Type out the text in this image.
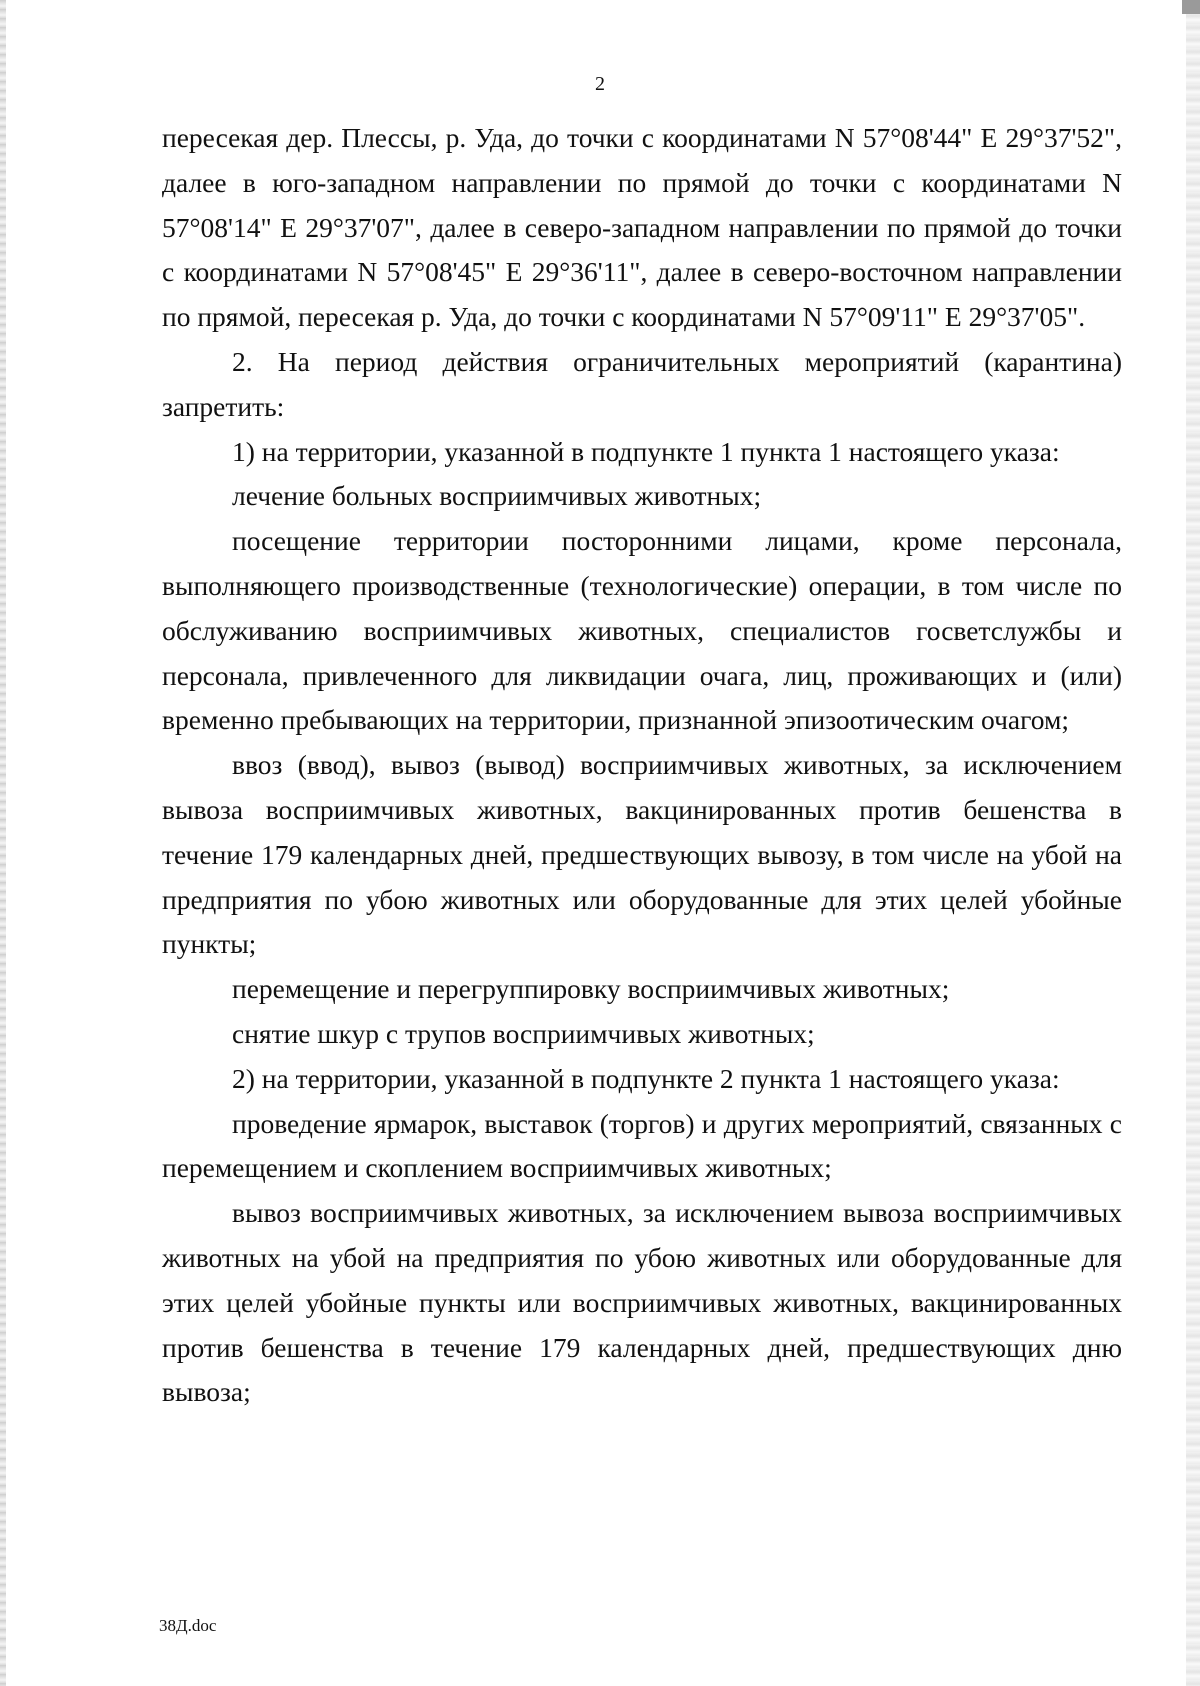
2

пересекая дер. Плессы, р. Уда, до точки с координатами N 57°08'44" E 29°37'52", далее в юго-западном направлении по прямой до точки с координатами N 57°08'14" E 29°37'07", далее в северо-западном направлении по прямой до точки с координатами N 57°08'45" E 29°36'11", далее в северо-восточном направлении по прямой, пересекая р. Уда, до точки с координатами N 57°09'11" E 29°37'05".

2. На период действия ограничительных мероприятий (карантина) запретить:

1) на территории, указанной в подпункте 1 пункта 1 настоящего указа:

лечение больных восприимчивых животных;

посещение территории посторонними лицами, кроме персонала, выполняющего производственные (технологические) операции, в том числе по обслуживанию восприимчивых животных, специалистов госветслужбы и персонала, привлеченного для ликвидации очага, лиц, проживающих и (или) временно пребывающих на территории, признанной эпизоотическим очагом;

ввоз (ввод), вывоз (вывод) восприимчивых животных, за исключением вывоза восприимчивых животных, вакцинированных против бешенства в течение 179 календарных дней, предшествующих вывозу, в том числе на убой на предприятия по убою животных или оборудованные для этих целей убойные пункты;

перемещение и перегруппировку восприимчивых животных;

снятие шкур с трупов восприимчивых животных;

2) на территории, указанной в подпункте 2 пункта 1 настоящего указа:

проведение ярмарок, выставок (торгов) и других мероприятий, связанных с перемещением и скоплением восприимчивых животных;

вывоз восприимчивых животных, за исключением вывоза восприимчивых животных на убой на предприятия по убою животных или оборудованные для этих целей убойные пункты или восприимчивых животных, вакцинированных против бешенства в течение 179 календарных дней, предшествующих дню вывоза;

38Д.doc
